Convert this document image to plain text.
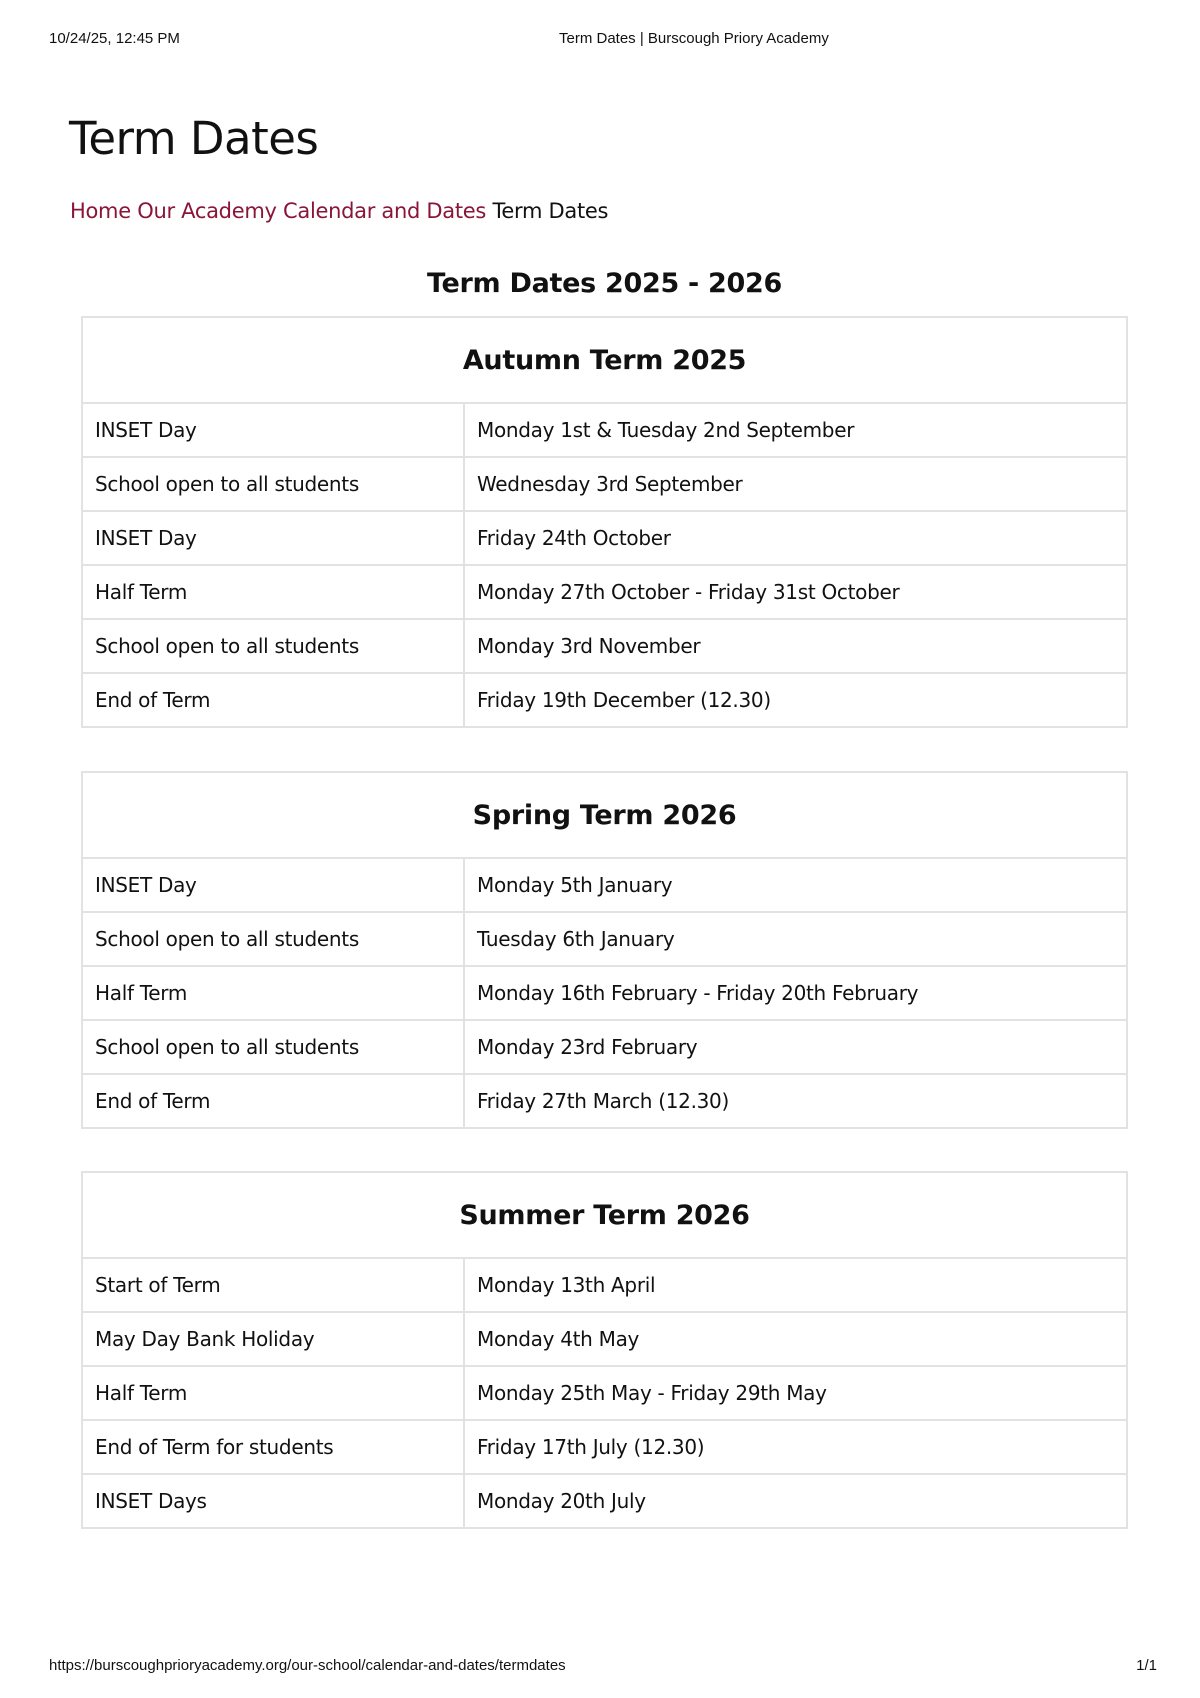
10/24/25, 12:45 PM	Term Dates | Burscough Priory Academy
Term Dates
Home Our Academy Calendar and Dates Term Dates
Term Dates 2025 - 2026
Autumn Term 2025	
INSET Day	Monday 1st & Tuesday 2nd September
School open to all students	Wednesday 3rd September
INSET Day	Friday 24th October
Half Term	Monday 27th October - Friday 31st October
School open to all students	Monday 3rd November
End of Term	Friday 19th December (12.30)
Spring Term 2026	
INSET Day	Monday 5th January
School open to all students	Tuesday 6th January
Half Term	Monday 16th February - Friday 20th February
School open to all students	Monday 23rd February
End of Term	Friday 27th March (12.30)
Summer Term 2026	
Start of Term	Monday 13th April
May Day Bank Holiday	Monday 4th May
Half Term	Monday 25th May - Friday 29th May
End of Term for students	Friday 17th July (12.30)
INSET Days	Monday 20th July
https://burscoughprioryacademy.org/our-school/calendar-and-dates/termdates	1/1
